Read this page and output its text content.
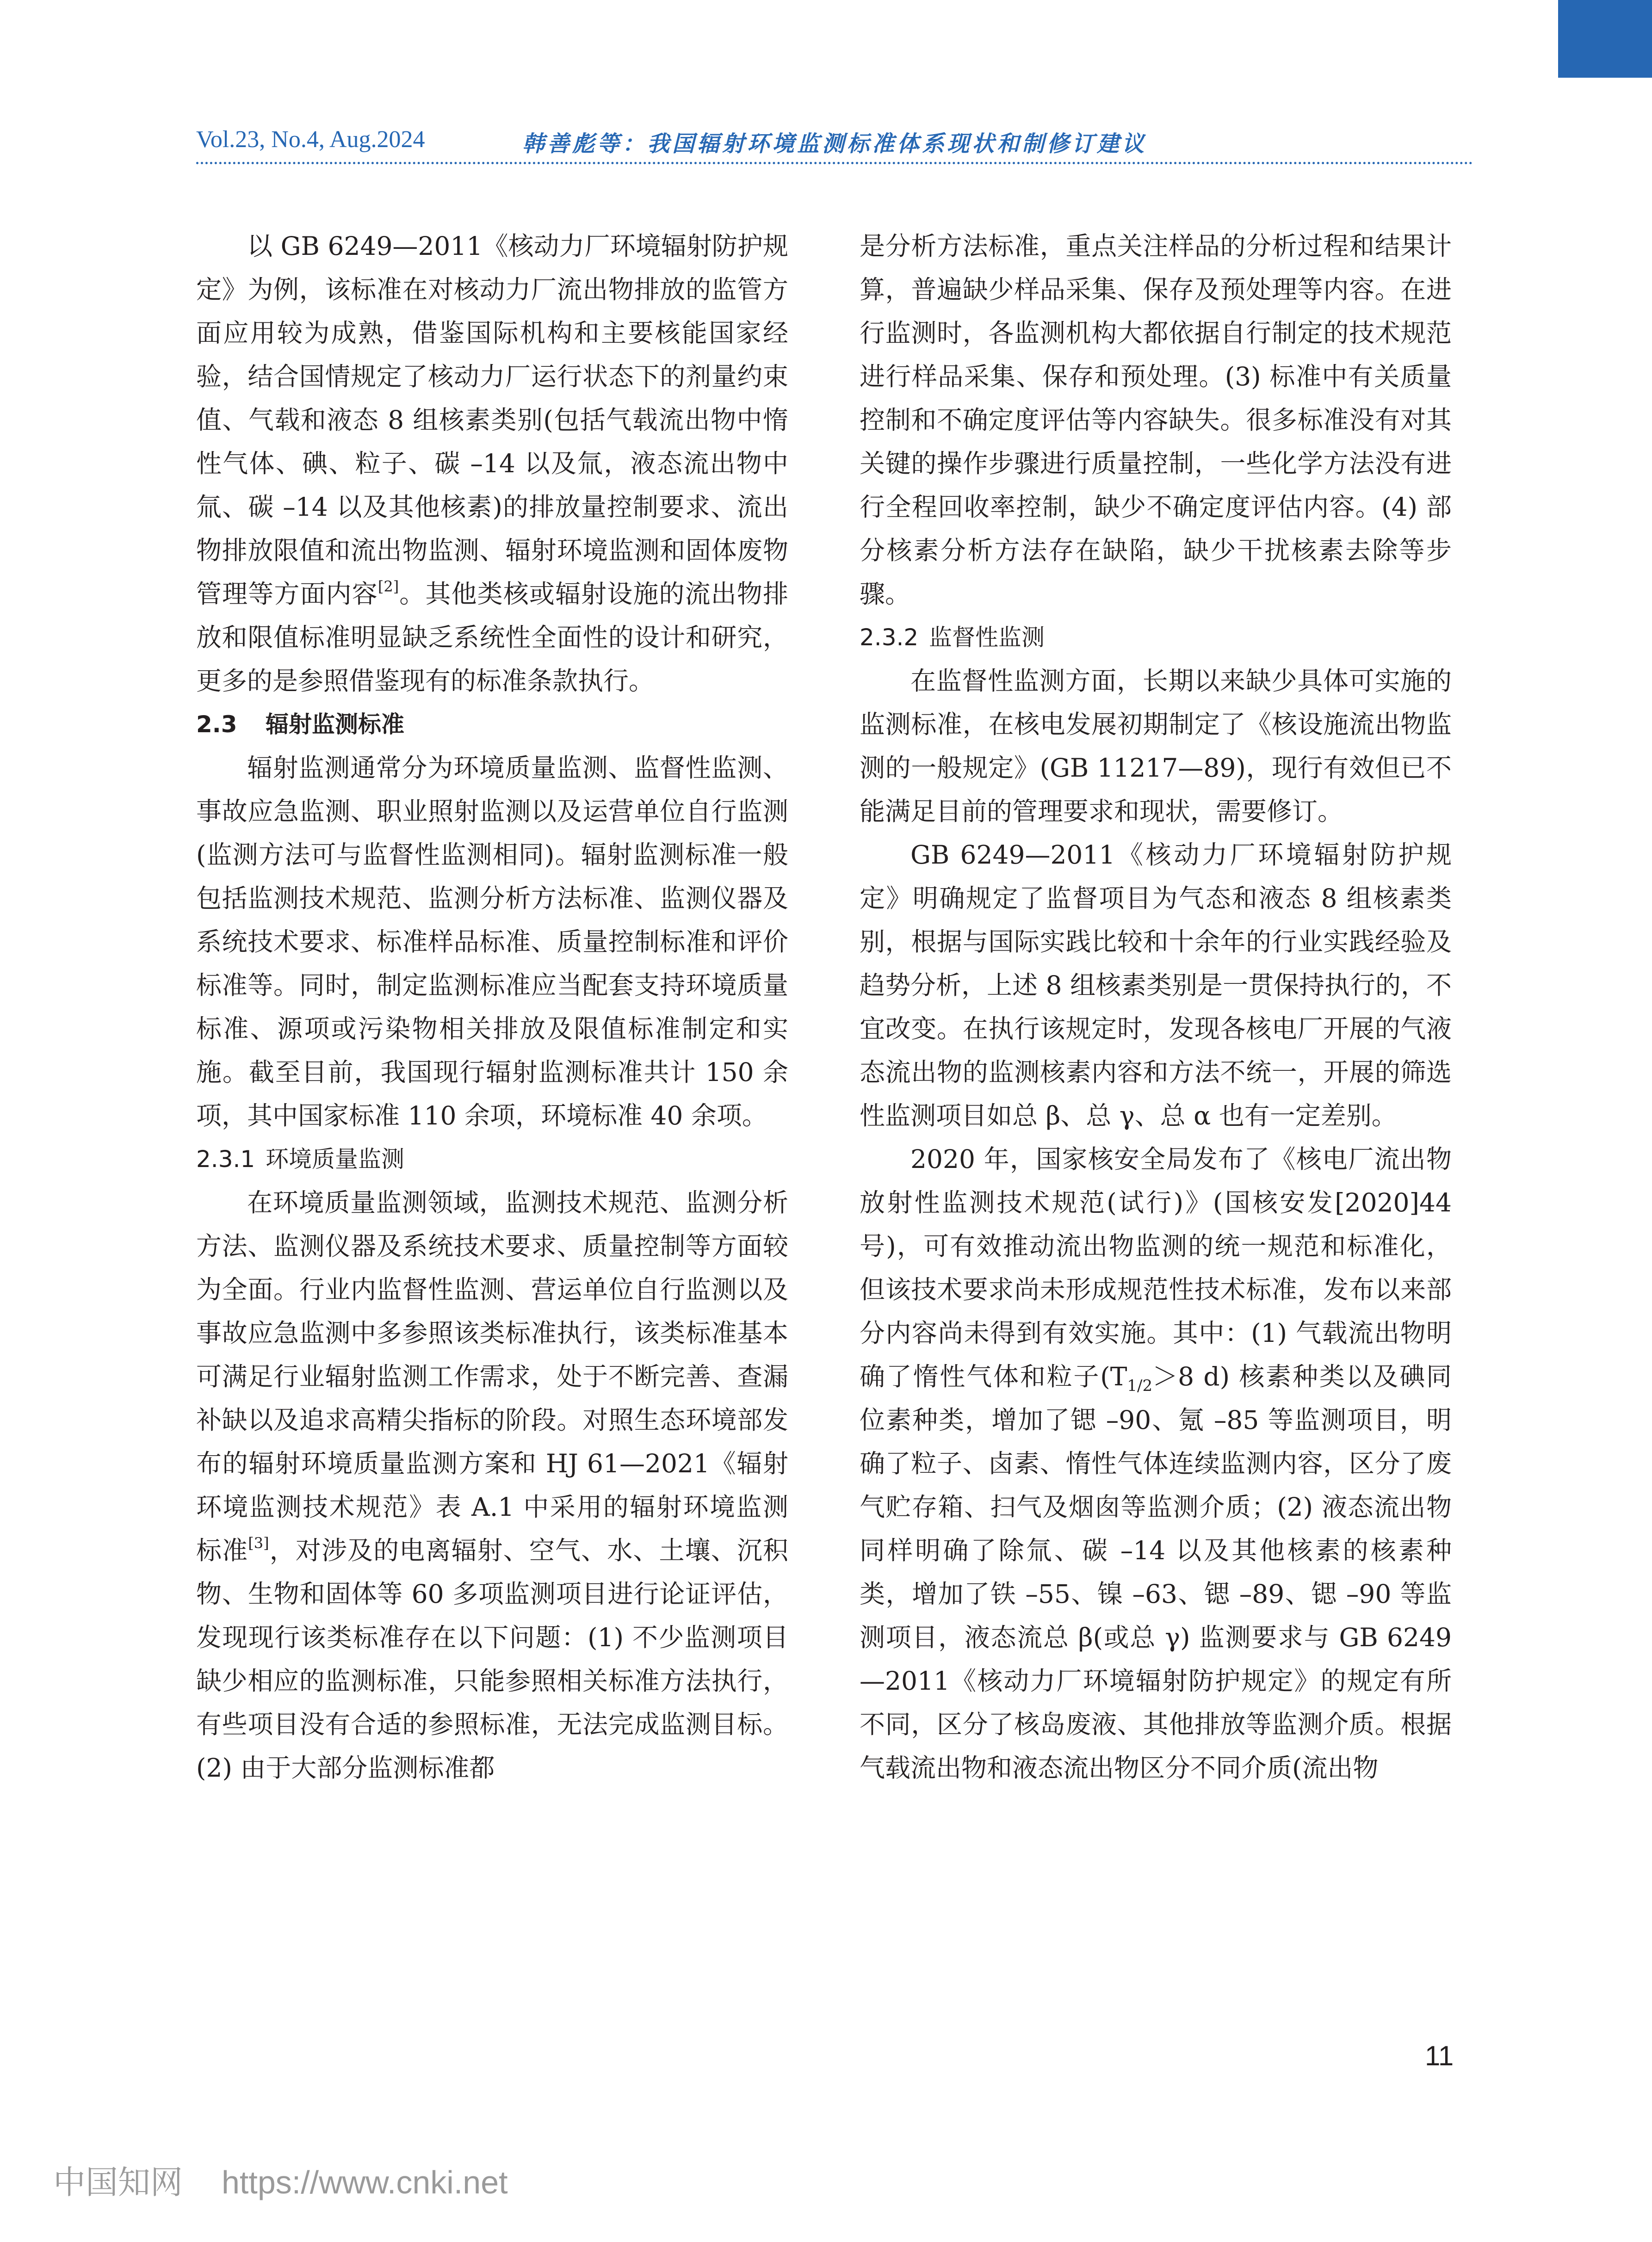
Vol.23, No.4, Aug.2024	韩善彪等：我国辐射环境监测标准体系现状和制修订建议

以 GB 6249—2011《核动力厂环境辐射防护规定》为例，该标准在对核动力厂流出物排放的监管方面应用较为成熟，借鉴国际机构和主要核能国家经验，结合国情规定了核动力厂运行状态下的剂量约束值、气载和液态 8 组核素类别(包括气载流出物中惰性气体、碘、粒子、碳 –14 以及氚，液态流出物中氚、碳 –14 以及其他核素)的排放量控制要求、流出物排放限值和流出物监测、辐射环境监测和固体废物管理等方面内容[2]。其他类核或辐射设施的流出物排放和限值标准明显缺乏系统性全面性的设计和研究，更多的是参照借鉴现有的标准条款执行。

2.3 辐射监测标准

辐射监测通常分为环境质量监测、监督性监测、事故应急监测、职业照射监测以及运营单位自行监测(监测方法可与监督性监测相同)。辐射监测标准一般包括监测技术规范、监测分析方法标准、监测仪器及系统技术要求、标准样品标准、质量控制标准和评价标准等。同时，制定监测标准应当配套支持环境质量标准、源项或污染物相关排放及限值标准制定和实施。截至目前，我国现行辐射监测标准共计 150 余项，其中国家标准 110 余项，环境标准 40 余项。

2.3.1 环境质量监测

在环境质量监测领域，监测技术规范、监测分析方法、监测仪器及系统技术要求、质量控制等方面较为全面。行业内监督性监测、营运单位自行监测以及事故应急监测中多参照该类标准执行，该类标准基本可满足行业辐射监测工作需求，处于不断完善、查漏补缺以及追求高精尖指标的阶段。对照生态环境部发布的辐射环境质量监测方案和 HJ 61—2021《辐射环境监测技术规范》表 A.1 中采用的辐射环境监测标准[3]，对涉及的电离辐射、空气、水、土壤、沉积物、生物和固体等 60 多项监测项目进行论证评估，发现现行该类标准存在以下问题：(1) 不少监测项目缺少相应的监测标准，只能参照相关标准方法执行，有些项目没有合适的参照标准，无法完成监测目标。(2) 由于大部分监测标准都

是分析方法标准，重点关注样品的分析过程和结果计算，普遍缺少样品采集、保存及预处理等内容。在进行监测时，各监测机构大都依据自行制定的技术规范进行样品采集、保存和预处理。(3) 标准中有关质量控制和不确定度评估等内容缺失。很多标准没有对其关键的操作步骤进行质量控制，一些化学方法没有进行全程回收率控制，缺少不确定度评估内容。(4) 部分核素分析方法存在缺陷，缺少干扰核素去除等步骤。

2.3.2 监督性监测

在监督性监测方面，长期以来缺少具体可实施的监测标准，在核电发展初期制定了《核设施流出物监测的一般规定》(GB 11217—89)，现行有效但已不能满足目前的管理要求和现状，需要修订。

GB 6249—2011《核动力厂环境辐射防护规定》明确规定了监督项目为气态和液态 8 组核素类别，根据与国际实践比较和十余年的行业实践经验及趋势分析，上述 8 组核素类别是一贯保持执行的，不宜改变。在执行该规定时，发现各核电厂开展的气液态流出物的监测核素内容和方法不统一，开展的筛选性监测项目如总 β、总 γ、总 α 也有一定差别。

2020 年，国家核安全局发布了《核电厂流出物放射性监测技术规范(试行)》(国核安发[2020]44 号)，可有效推动流出物监测的统一规范和标准化，但该技术要求尚未形成规范性技术标准，发布以来部分内容尚未得到有效实施。其中：(1) 气载流出物明确了惰性气体和粒子($T_{1/2}>8$ d) 核素种类以及碘同位素种类，增加了锶 –90、氪 –85 等监测项目，明确了粒子、卤素、惰性气体连续监测内容，区分了废气贮存箱、扫气及烟囱等监测介质；(2) 液态流出物同样明确了除氚、碳 –14 以及其他核素的核素种类，增加了铁 –55、镍 –63、锶 –89、锶 –90 等监测项目，液态流总 β(或总 γ) 监测要求与 GB 6249—2011《核动力厂环境辐射防护规定》的规定有所不同，区分了核岛废液、其他排放等监测介质。根据气载流出物和液态流出物区分不同介质(流出物

11
中国知网 https://www.cnki.net
